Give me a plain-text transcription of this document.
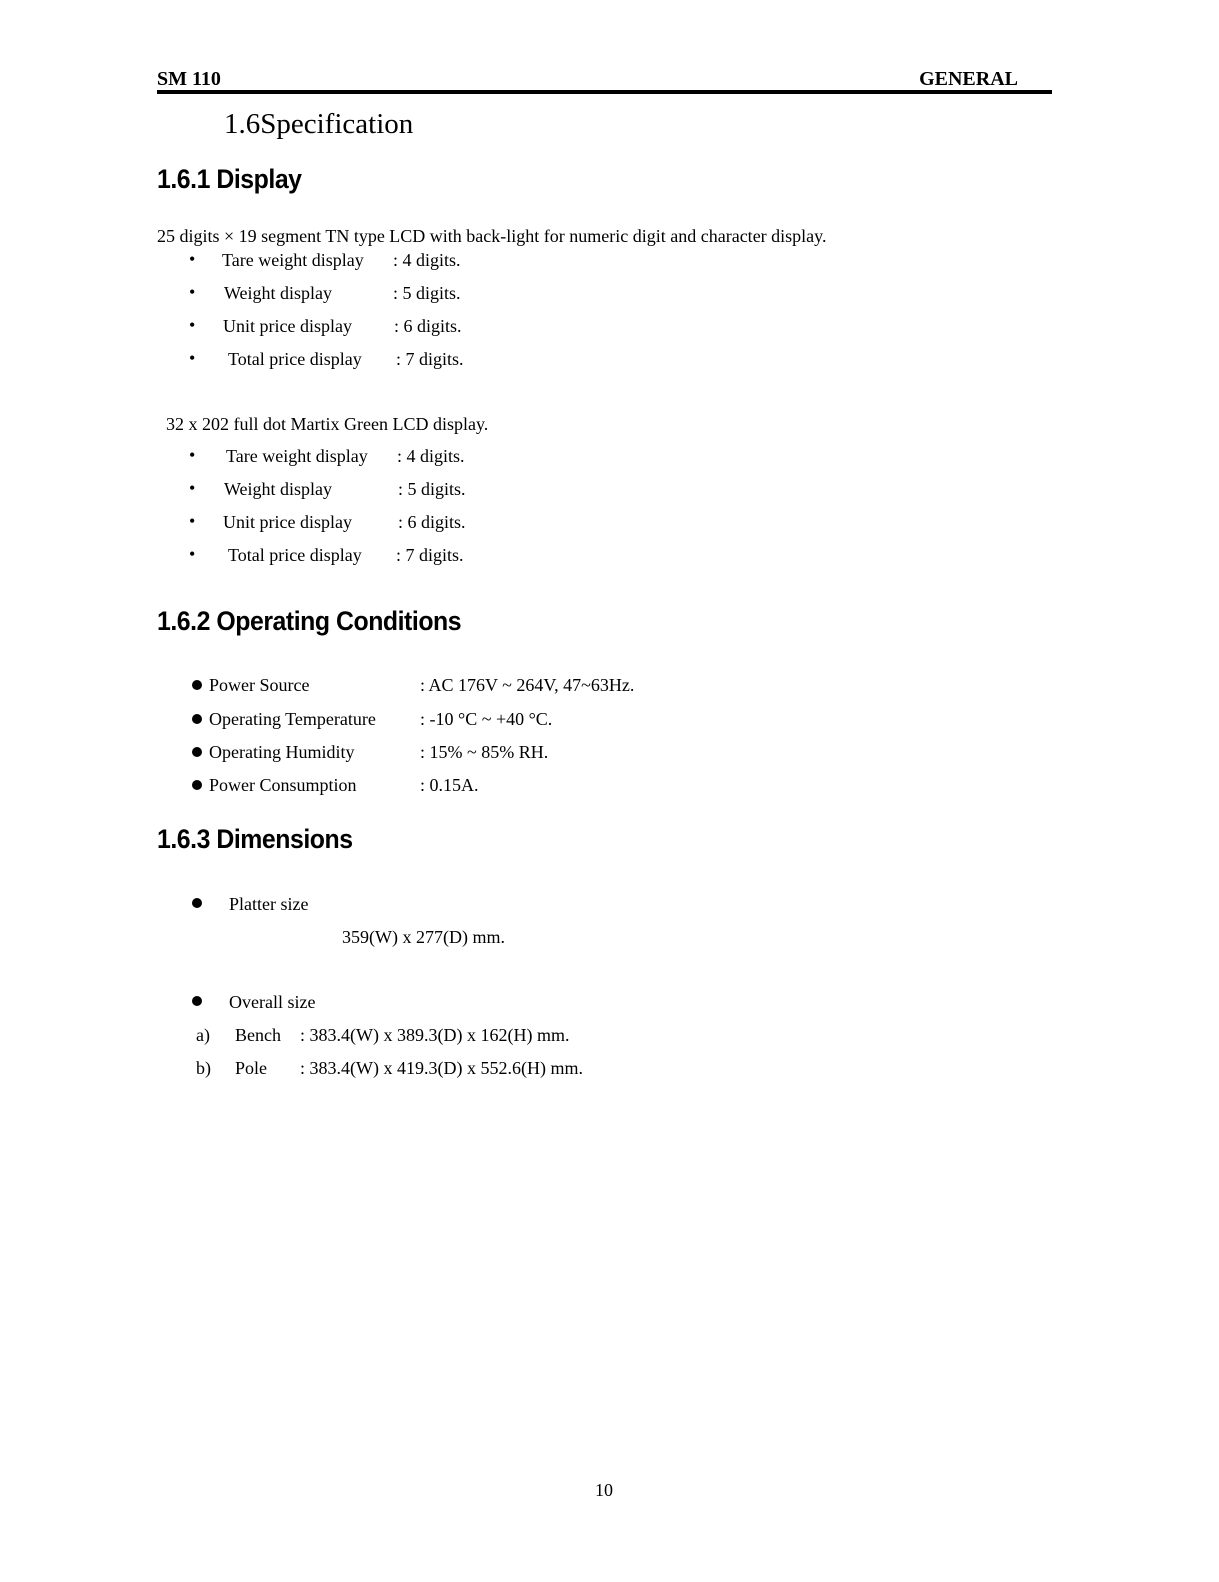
SM 110	GENERAL
1.6Specification
1.6.1 Display
25 digits × 19 segment TN type LCD with back-light for numeric digit and character display.
• Tare weight display : 4 digits.
• Weight display	: 5 digits.
• Unit price display : 6 digits.
• Total price display : 7 digits.
32 x 202 full dot Martix Green LCD display.
• Tare weight display : 4 digits.
• Weight display	: 5 digits.
• Unit price display	: 6 digits.
• Total price display : 7 digits.
1.6.2 Operating Conditions
Power Source	: AC 176V ~ 264V, 47~63Hz.
Operating Temperature : -10 °C ~ +40 °C.
Operating Humidity	: 15% ~ 85% RH.
Power Consumption	: 0.15A.
1.6.3 Dimensions
Platter size
359(W) x 277(D) mm.
Overall size
a) Bench : 383.4(W) x 389.3(D) x 162(H) mm.
b) Pole : 383.4(W) x 419.3(D) x 552.6(H) mm.
10
